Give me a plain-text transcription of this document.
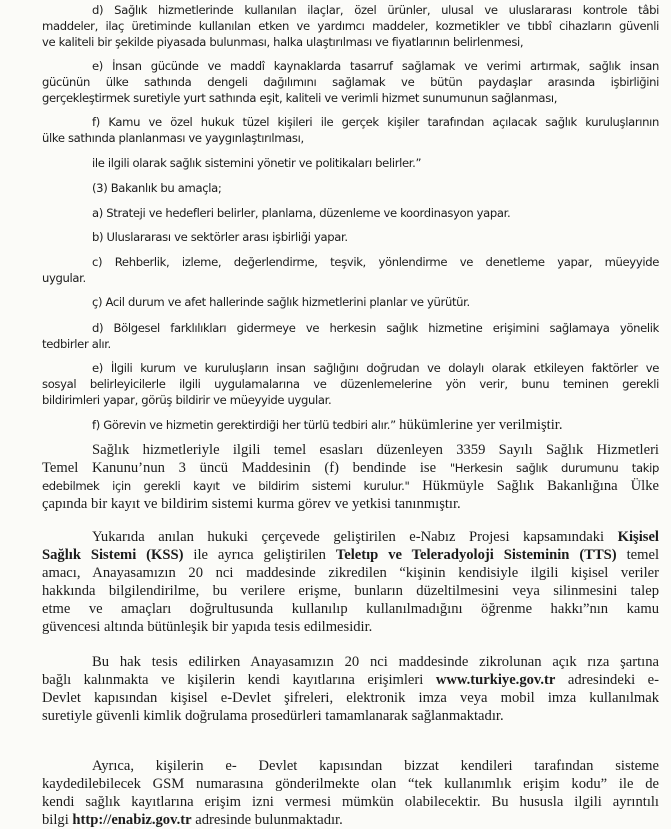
d) Sağlık hizmetlerinde kullanılan ilaçlar, özel ürünler, ulusal ve uluslararası kontrole tâbi
maddeler, ilaç üretiminde kullanılan etken ve yardımcı maddeler, kozmetikler ve tıbbî cihazların güvenli
ve kaliteli bir şekilde piyasada bulunması, halka ulaştırılması ve fiyatlarının belirlenmesi,
e) İnsan gücünde ve maddî kaynaklarda tasarruf sağlamak ve verimi artırmak, sağlık insan
gücünün ülke sathında dengeli dağılımını sağlamak ve bütün paydaşlar arasında işbirliğini
gerçekleştirmek suretiyle yurt sathında eşit, kaliteli ve verimli hizmet sunumunun sağlanması,
f) Kamu ve özel hukuk tüzel kişileri ile gerçek kişiler tarafından açılacak sağlık kuruluşlarının
ülke sathında planlanması ve yaygınlaştırılması,
ile ilgili olarak sağlık sistemini yönetir ve politikaları belirler.”
(3) Bakanlık bu amaçla;
a) Strateji ve hedefleri belirler, planlama, düzenleme ve koordinasyon yapar.
b) Uluslararası ve sektörler arası işbirliği yapar.
c) Rehberlik, izleme, değerlendirme, teşvik, yönlendirme ve denetleme yapar, müeyyide
uygular.
ç) Acil durum ve afet hallerinde sağlık hizmetlerini planlar ve yürütür.
d) Bölgesel farklılıkları gidermeye ve herkesin sağlık hizmetine erişimini sağlamaya yönelik
tedbirler alır.
e) İlgili kurum ve kuruluşların insan sağlığını doğrudan ve dolaylı olarak etkileyen faktörler ve
sosyal belirleyicilerle ilgili uygulamalarına ve düzenlemelerine yön verir, bunu teminen gerekli
bildirimleri yapar, görüş bildirir ve müeyyide uygular.
f) Görevin ve hizmetin gerektirdiği her türlü tedbiri alır.” hükümlerine yer verilmiştir.
Sağlık hizmetleriyle ilgili temel esasları düzenleyen 3359 Sayılı Sağlık Hizmetleri
Temel Kanunu’nun 3 üncü Maddesinin (f) bendinde ise "Herkesin sağlık durumunu takip
edebilmek için gerekli kayıt ve bildirim sistemi kurulur." Hükmüyle Sağlık Bakanlığına Ülke
çapında bir kayıt ve bildirim sistemi kurma görev ve yetkisi tanınmıştır.
Yukarıda anılan hukuki çerçevede geliştirilen e-Nabız Projesi kapsamındaki Kişisel
Sağlık Sistemi (KSS) ile ayrıca geliştirilen Teletıp ve Teleradyoloji Sisteminin (TTS) temel
amacı, Anayasamızın 20 nci maddesinde zikredilen “kişinin kendisiyle ilgili kişisel veriler
hakkında bilgilendirilme, bu verilere erişme, bunların düzeltilmesini veya silinmesini talep
etme ve amaçları doğrultusunda kullanılıp kullanılmadığını öğrenme hakkı”nın kamu
güvencesi altında bütünleşik bir yapıda tesis edilmesidir.
Bu hak tesis edilirken Anayasamızın 20 nci maddesinde zikrolunan açık rıza şartına
bağlı kalınmakta ve kişilerin kendi kayıtlarına erişimleri www.turkiye.gov.tr adresindeki e-
Devlet kapısından kişisel e-Devlet şifreleri, elektronik imza veya mobil imza kullanılmak
suretiyle güvenli kimlik doğrulama prosedürleri tamamlanarak sağlanmaktadır.
Ayrıca, kişilerin e- Devlet kapısından bizzat kendileri tarafından sisteme
kaydedilebilecek GSM numarasına gönderilmekte olan “tek kullanımlık erişim kodu” ile de
kendi sağlık kayıtlarına erişim izni vermesi mümkün olabilecektir. Bu hususla ilgili ayrıntılı
bilgi http://enabiz.gov.tr adresinde bulunmaktadır.
